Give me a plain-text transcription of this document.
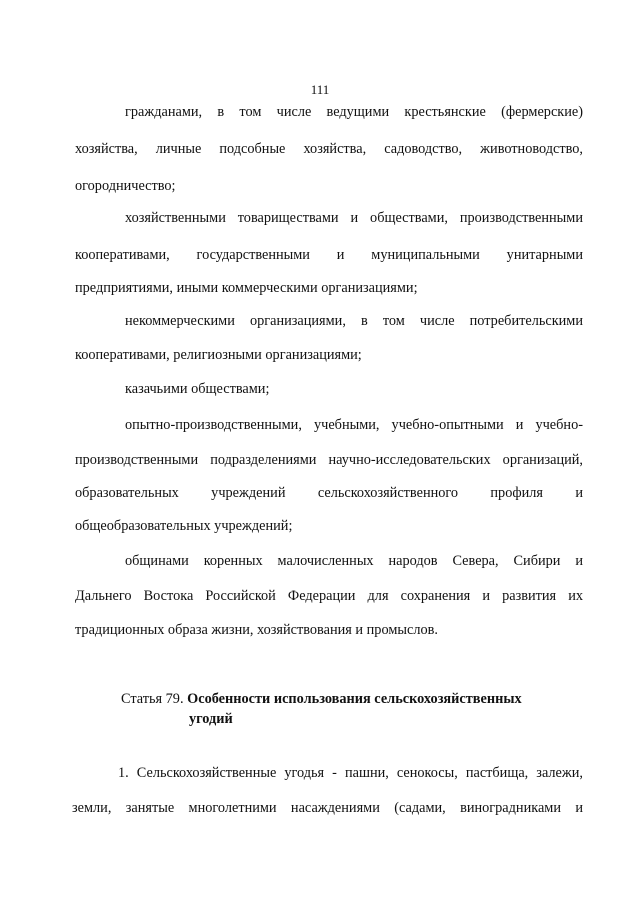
111
гражданами, в том числе ведущими крестьянские (фермерские)
хозяйства, личные подсобные хозяйства, садоводство, животноводство,
огородничество;
хозяйственными товариществами и обществами, производственными
кооперативами, государственными и муниципальными унитарными
предприятиями, иными коммерческими организациями;
некоммерческими организациями, в том числе потребительскими
кооперативами, религиозными организациями;
казачьими обществами;
опытно-производственными, учебными, учебно-опытными и учебно-
производственными подразделениями научно-исследовательских организаций,
образовательных учреждений сельскохозяйственного профиля и
общеобразовательных учреждений;
общинами коренных малочисленных народов Севера, Сибири и
Дальнего Востока Российской Федерации для сохранения и развития их
традиционных образа жизни, хозяйствования и промыслов.
Статья 79. Особенности использования сельскохозяйственных
угодий
1. Сельскохозяйственные угодья - пашни, сенокосы, пастбища, залежи,
земли, занятые многолетними насаждениями (садами, виноградниками и
